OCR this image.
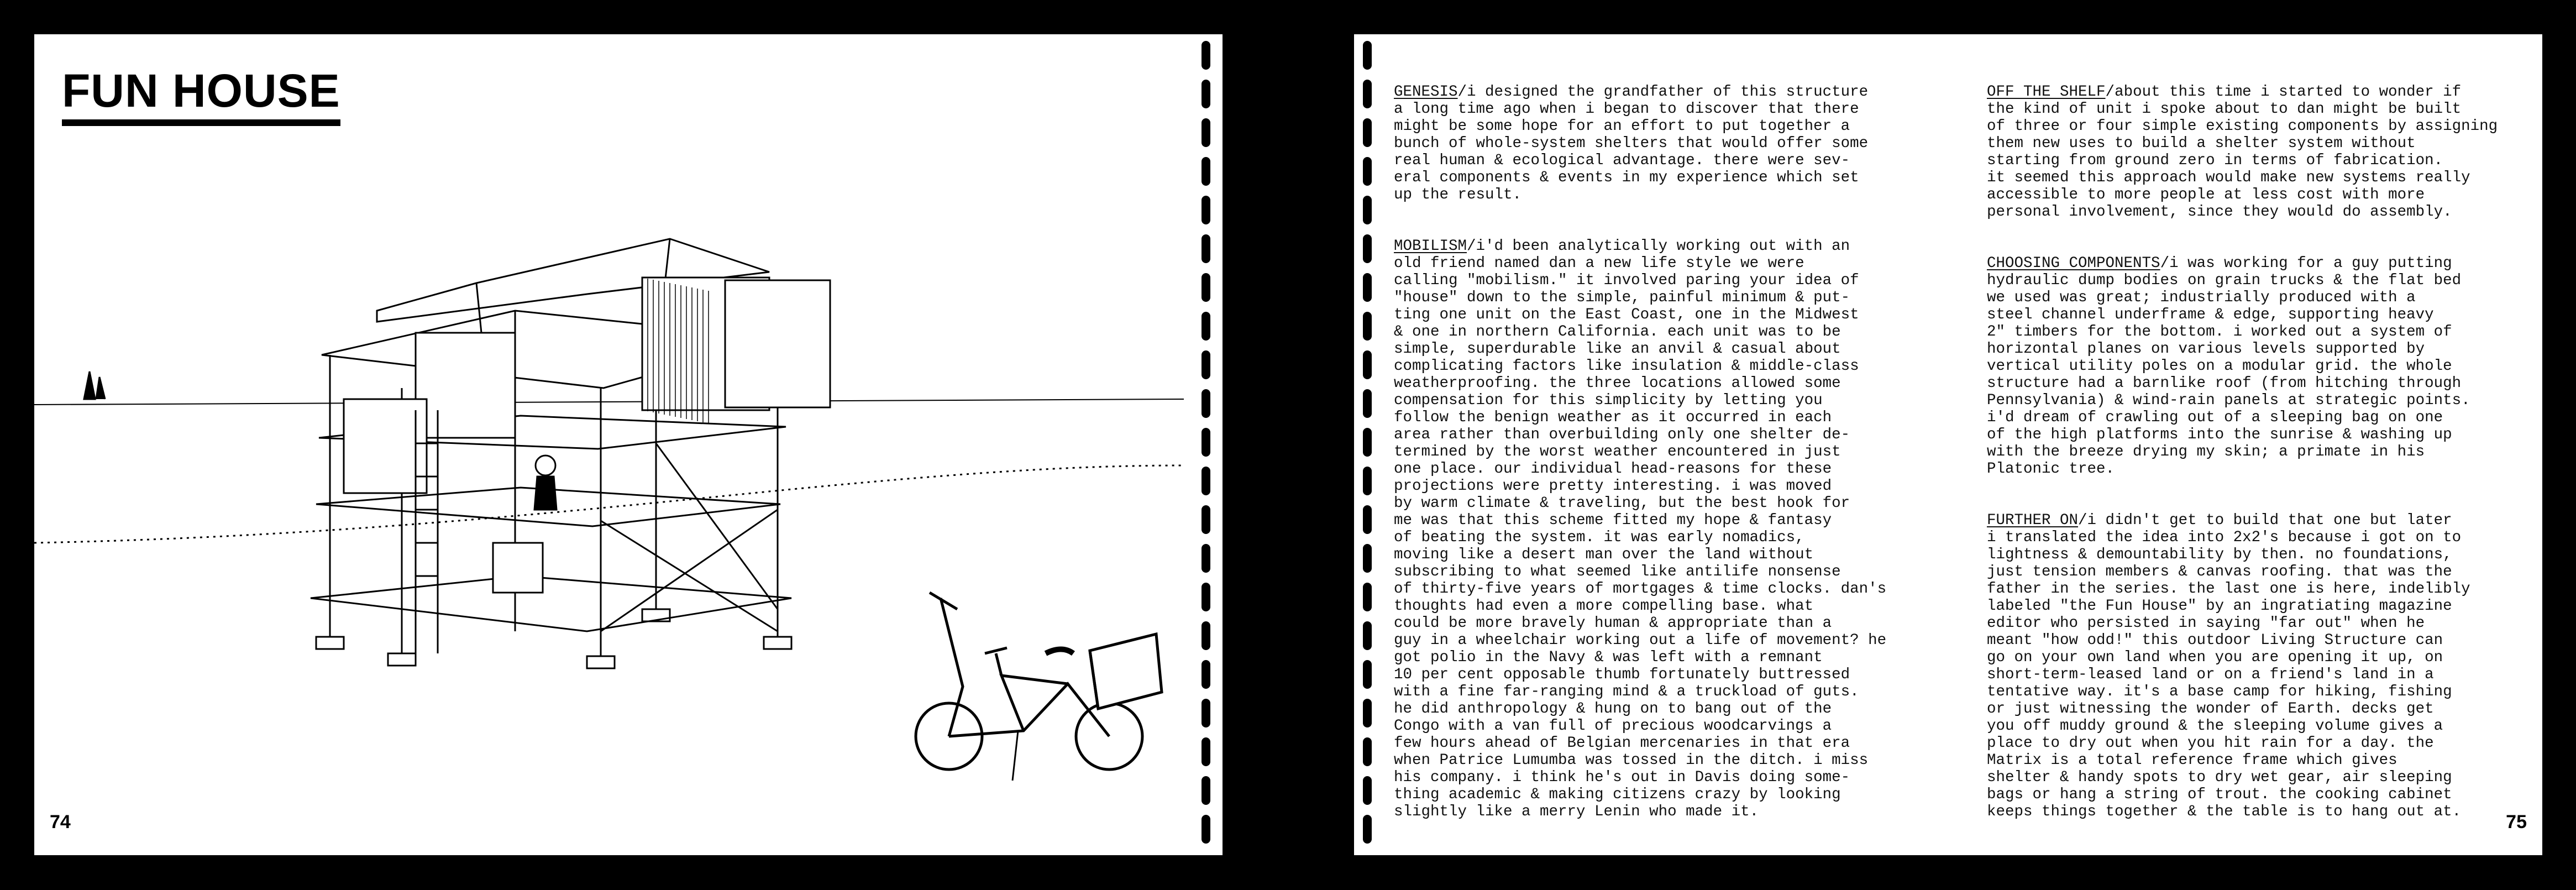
FUN HOUSE
74

GENESIS/i designed the grandfather of this structure
a long time ago when i began to discover that there
might be some hope for an effort to put together a
bunch of whole-system shelters that would offer some
real human & ecological advantage. there were sev-
eral components & events in my experience which set
up the result.

MOBILISM/i'd been analytically working out with an
old friend named dan a new life style we were
calling "mobilism." it involved paring your idea of
"house" down to the simple, painful minimum & put-
ting one unit on the East Coast, one in the Midwest
& one in northern California. each unit was to be
simple, superdurable like an anvil & casual about
complicating factors like insulation & middle-class
weatherproofing. the three locations allowed some
compensation for this simplicity by letting you
follow the benign weather as it occurred in each
area rather than overbuilding only one shelter de-
termined by the worst weather encountered in just
one place. our individual head-reasons for these
projections were pretty interesting. i was moved
by warm climate & traveling, but the best hook for
me was that this scheme fitted my hope & fantasy
of beating the system. it was early nomadics,
moving like a desert man over the land without
subscribing to what seemed like antilife nonsense
of thirty-five years of mortgages & time clocks. dan's
thoughts had even a more compelling base. what
could be more bravely human & appropriate than a
guy in a wheelchair working out a life of movement? he
got polio in the Navy & was left with a remnant
10 per cent opposable thumb fortunately buttressed
with a fine far-ranging mind & a truckload of guts.
he did anthropology & hung on to bang out of the
Congo with a van full of precious woodcarvings a
few hours ahead of Belgian mercenaries in that era
when Patrice Lumumba was tossed in the ditch. i miss
his company. i think he's out in Davis doing some-
thing academic & making citizens crazy by looking
slightly like a merry Lenin who made it.

OFF THE SHELF/about this time i started to wonder if
the kind of unit i spoke about to dan might be built
of three or four simple existing components by assigning
them new uses to build a shelter system without
starting from ground zero in terms of fabrication.
it seemed this approach would make new systems really
accessible to more people at less cost with more
personal involvement, since they would do assembly.

CHOOSING COMPONENTS/i was working for a guy putting
hydraulic dump bodies on grain trucks & the flat bed
we used was great; industrially produced with a
steel channel underframe & edge, supporting heavy
2" timbers for the bottom. i worked out a system of
horizontal planes on various levels supported by
vertical utility poles on a modular grid. the whole
structure had a barnlike roof (from hitching through
Pennsylvania) & wind-rain panels at strategic points.
i'd dream of crawling out of a sleeping bag on one
of the high platforms into the sunrise & washing up
with the breeze drying my skin; a primate in his
Platonic tree.

FURTHER ON/i didn't get to build that one but later
i translated the idea into 2x2's because i got on to
lightness & demountability by then. no foundations,
just tension members & canvas roofing. that was the
father in the series. the last one is here, indelibly
labeled "the Fun House" by an ingratiating magazine
editor who persisted in saying "far out" when he
meant "how odd!" this outdoor Living Structure can
go on your own land when you are opening it up, on
short-term-leased land or on a friend's land in a
tentative way. it's a base camp for hiking, fishing
or just witnessing the wonder of Earth. decks get
you off muddy ground & the sleeping volume gives a
place to dry out when you hit rain for a day. the
Matrix is a total reference frame which gives
shelter & handy spots to dry wet gear, air sleeping
bags or hang a string of trout. the cooking cabinet
keeps things together & the table is to hang out at.	75
